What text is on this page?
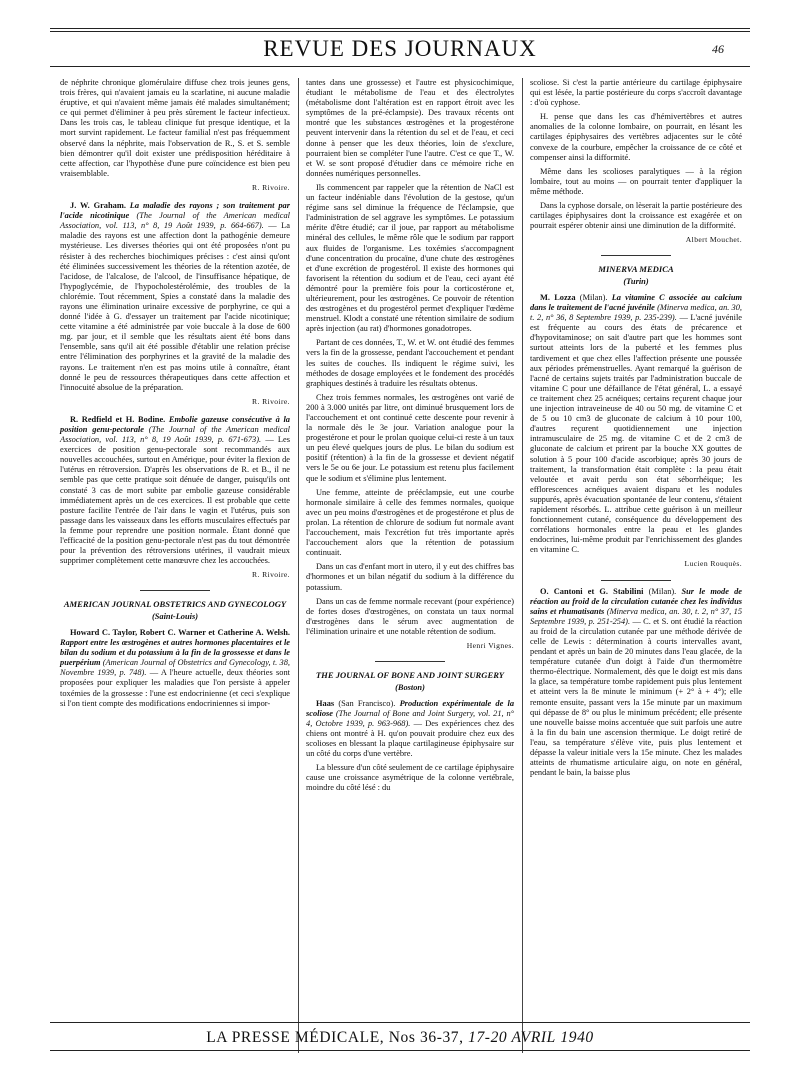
REVUE DES JOURNAUX	46

de néphrite chronique glomérulaire diffuse chez trois jeunes gens, trois frères, qui n'avaient jamais eu la scarlatine, ni aucune maladie éruptive, et qui n'avaient même jamais été malades simultanément; ce qui permet d'éliminer à peu près sûrement le facteur infectieux. Dans les trois cas, le tableau clinique fut presque identique, et la mort survint rapidement. Le facteur familial n'est pas fréquemment observé dans la néphrite, mais l'observation de R., S. et S. semble bien démontrer qu'il doit exister une prédisposition héréditaire à cette affection, car l'hypothèse d'une pure coïncidence est bien peu vraisemblable.

R. Rivoire.

J. W. Graham. La maladie des rayons ; son traitement par l'acide nicotinique (The Journal of the American medical Association, vol. 113, n° 8, 19 Août 1939, p. 664-667). — La maladie des rayons est une affection dont la pathogénie demeure mystérieuse. Les diverses théories qui ont été proposées n'ont pu résister à des recherches biochimiques précises : c'est ainsi qu'ont été éliminées successivement les théories de la rétention azotée, de l'acidose, de l'alcalose, de l'alcool, de l'insuffisance hépatique, de l'hypoglycémie, de l'hypocholestérolémie, des troubles de la chlorémie. Tout récemment, Spies a constaté dans la maladie des rayons une élimination urinaire excessive de porphyrine, ce qui a donné l'idée à G. d'essayer un traitement par l'acide nicotinique; cette vitamine a été administrée par voie buccale à la dose de 600 mg. par jour, et il semble que les résultats aient été bons dans l'ensemble, sans qu'il ait été possible d'établir une relation précise entre l'élimination des porphyrines et la gravité de la maladie des rayons. Le traitement n'en est pas moins utile à connaître, étant donné le peu de ressources thérapeutiques dans cette affection et l'innocuité absolue de la préparation.

R. Rivoire.

R. Redfield et H. Bodine. Embolie gazeuse consécutive à la position genu-pectorale (The Journal of the American medical Association, vol. 113, n° 8, 19 Août 1939, p. 671-673). — Les exercices de position genu-pectorale sont recommandés aux nouvelles accouchées, surtout en Amérique, pour éviter la flexion de l'utérus en rétroversion. D'après les observations de R. et B., il ne semble pas que cette pratique soit dénuée de danger, puisqu'ils ont constaté 3 cas de mort subite par embolie gazeuse considérable immédiatement après un de ces exercices. Il est probable que cette posture facilite l'entrée de l'air dans le vagin et l'utérus, puis son passage dans les vaisseaux dans les efforts musculaires effectués par la femme pour reprendre une position normale. Étant donné que l'efficacité de la position genu-pectorale n'est pas du tout démontrée pour la prévention des rétroversions utérines, il vaudrait mieux supprimer complètement cette manœuvre chez les accouchées.

R. Rivoire.
AMERICAN JOURNAL OBSTETRICS AND GYNECOLOGY
(Saint-Louis)

Howard C. Taylor, Robert C. Warner et Catherine A. Welsh. Rapport entre les œstrogènes et autres hormones placentaires et le bilan du sodium et du potassium à la fin de la grossesse et dans le puerpérium (American Journal of Obstetrics and Gynecology, t. 38, Novembre 1939, p. 748). — A l'heure actuelle, deux théories sont proposées pour expliquer les maladies que l'on persiste à appeler toxémies de la grossesse : l'une est endocrinienne (et ceci s'explique si l'on tient compte des modifications endocriniennes si impor-

tantes dans une grossesse) et l'autre est physicochimique, étudiant le métabolisme de l'eau et des électrolytes (métabolisme dont l'altération est en rapport étroit avec les symptômes de la pré-éclampsie). Des travaux récents ont montré que les substances œstrogènes et la progestérone peuvent intervenir dans la rétention du sel et de l'eau, et ceci donne à penser que les deux théories, loin de s'exclure, pourraient bien se compléter l'une l'autre. C'est ce que T., W. et W. se sont proposé d'étudier dans ce mémoire riche en données numériques personnelles.

Ils commencent par rappeler que la rétention de NaCl est un facteur indéniable dans l'évolution de la gestose, qu'un régime sans sel diminue la fréquence de l'éclampsie, que l'administration de sel aggrave les symptômes. Le potassium mérite d'être étudié; car il joue, par rapport au métabolisme minéral des cellules, le même rôle que le sodium par rapport aux fluides de l'organisme. Les toxémies s'accompagnent d'une concentration du procaïne, d'une chute des œstrogènes et d'une excrétion de progestérol. Il existe des hormones qui favorisent la rétention du sodium et de l'eau, ceci ayant été démontré pour la première fois pour la corticostérone et, ultérieurement, pour les œstrogènes. Ce pouvoir de rétention des œstrogènes et du progestérol permet d'expliquer l'œdème menstruel. Klodt a constaté une rétention similaire de sodium après injection (au rat) d'hormones gonadotropes.

Partant de ces données, T., W. et W. ont étudié des femmes vers la fin de la grossesse, pendant l'accouchement et pendant les suites de couches. Ils indiquent le régime suivi, les méthodes de dosage employées et le fondement des procédés graphiques destinés à traduire les résultats obtenus.

Chez trois femmes normales, les œstrogènes ont varié de 200 à 3.000 unités par litre, ont diminué brusquement lors de l'accouchement et ont continué cette descente pour revenir à la normale dès le 3e jour. Variation analogue pour la progestérone et pour le prolan quoique celui-ci reste à un taux un peu élevé quelques jours de plus. Le bilan du sodium est positif (rétention) à la fin de la grossesse et devient négatif vers le 5e ou 6e jour. Le potassium est retenu plus facilement que le sodium et s'élimine plus lentement.

Une femme, atteinte de prééclampsie, eut une courbe hormonale similaire à celle des femmes normales, quoique avec un peu moins d'œstrogènes et de progestérone et plus de prolan. La rétention de chlorure de sodium fut normale avant l'accouchement, mais l'excrétion fut très importante après l'accouchement alors que la rétention de potassium continuait.

Dans un cas d'enfant mort in utero, il y eut des chiffres bas d'hormones et un bilan négatif du sodium à la différence du potassium.

Dans un cas de femme normale recevant (pour expérience) de fortes doses d'œstrogènes, on constata un taux normal d'œstrogènes dans le sérum avec augmentation de l'élimination urinaire et une notable rétention de sodium.

Henri Vignes.
THE JOURNAL OF BONE AND JOINT SURGERY
(Boston)

Haas (San Francisco). Production expérimentale de la scoliose (The Journal of Bone and Joint Surgery, vol. 21, n° 4, Octobre 1939, p. 963-968). — Des expériences chez des chiens ont montré à H. qu'on pouvait produire chez eux des scolioses en blessant la plaque cartilagineuse épiphysaire sur un côté du corps d'une vertèbre.

La blessure d'un côté seulement de ce cartilage épiphysaire cause une croissance asymétrique de la colonne vertébrale, moindre du côté lésé : du

scoliose. Si c'est la partie antérieure du cartilage épiphysaire qui est lésée, la partie postérieure du corps s'accroît davantage : d'où cyphose.

H. pense que dans les cas d'hémivertèbres et autres anomalies de la colonne lombaire, on pourrait, en lésant les cartilages épiphysaires des vertèbres adjacentes sur le côté convexe de la courbure, empêcher la croissance de ce côté et compenser ainsi la difformité.

Même dans les scolioses paralytiques — à la région lombaire, tout au moins — on pourrait tenter d'appliquer la même méthode.

Dans la cyphose dorsale, on lèserait la partie postérieure des cartilages épiphysaires dont la croissance est exagérée et on pourrait espérer obtenir ainsi une diminution de la difformité.

Albert Mouchet.
MINERVA MEDICA
(Turin)

M. Lozza (Milan). La vitamine C associée au calcium dans le traitement de l'acné juvénile (Minerva medica, an. 30, t. 2, n° 36, 8 Septembre 1939, p. 235-239). — L'acné juvénile est fréquente au cours des états de précarence et d'hypovitaminose; on sait d'autre part que les hommes sont surtout atteints lors de la puberté et les femmes plus tardivement et que chez elles l'affection présente une poussée aux périodes prémenstruelles. Ayant remarqué la guérison de l'acné de certains sujets traités par l'administration buccale de vitamine C pour une défaillance de l'état général, L. a essayé ce traitement chez 25 acnéiques; certains reçurent chaque jour une injection intraveineuse de 40 ou 50 mg. de vitamine C et de 5 ou 10 cm3 de gluconate de calcium à 10 pour 100, d'autres reçurent quotidiennement une injection intramusculaire de 25 mg. de vitamine C et de 2 cm3 de gluconate de calcium et prirent par la bouche XX gouttes de solution à 5 pour 100 d'acide ascorbique; après 30 jours de traitement, la transformation était complète : la peau était veloutée et avait perdu son état séborrhéique; les efflorescences acnéiques avaient disparu et les nodules suppurés, après évacuation spontanée de leur contenu, s'étaient rapidement résorbés. L. attribue cette guérison à un meilleur fonctionnement cutané, conséquence du développement des corrélations hormonales entre la peau et les glandes endocrines, lui-même produit par l'enrichissement des glandes en vitamine C.

Lucien Rouquès.

O. Cantoni et G. Stabilini (Milan). Sur le mode de réaction au froid de la circulation cutanée chez les individus sains et rhumatisants (Minerva medica, an. 30, t. 2, n° 37, 15 Septembre 1939, p. 251-254). — C. et S. ont étudié la réaction au froid de la circulation cutanée par une méthode dérivée de celle de Lewis : détermination à courts intervalles avant, pendant et après un bain de 20 minutes dans l'eau glacée, de la température cutanée d'un doigt à l'aide d'un thermomètre thermo-électrique. Normalement, dès que le doigt est mis dans la glace, sa température tombe rapidement puis plus lentement et atteint vers la 8e minute le minimum (+ 2° à + 4°); elle remonte ensuite, passant vers la 15e minute par un maximum qui dépasse de 8° ou plus le minimum précédent; elle présente une nouvelle baisse moins accentuée que suit parfois une autre à la fin du bain une ascension thermique. Le doigt retiré de l'eau, sa température s'élève vite, puis plus lentement et dépasse la valeur initiale vers la 15e minute. Chez les malades atteints de rhumatisme articulaire aigu, on note en général, pendant le bain, la baisse plus

LA PRESSE MÉDICALE, Nos 36-37, 17-20 AVRIL 1940
